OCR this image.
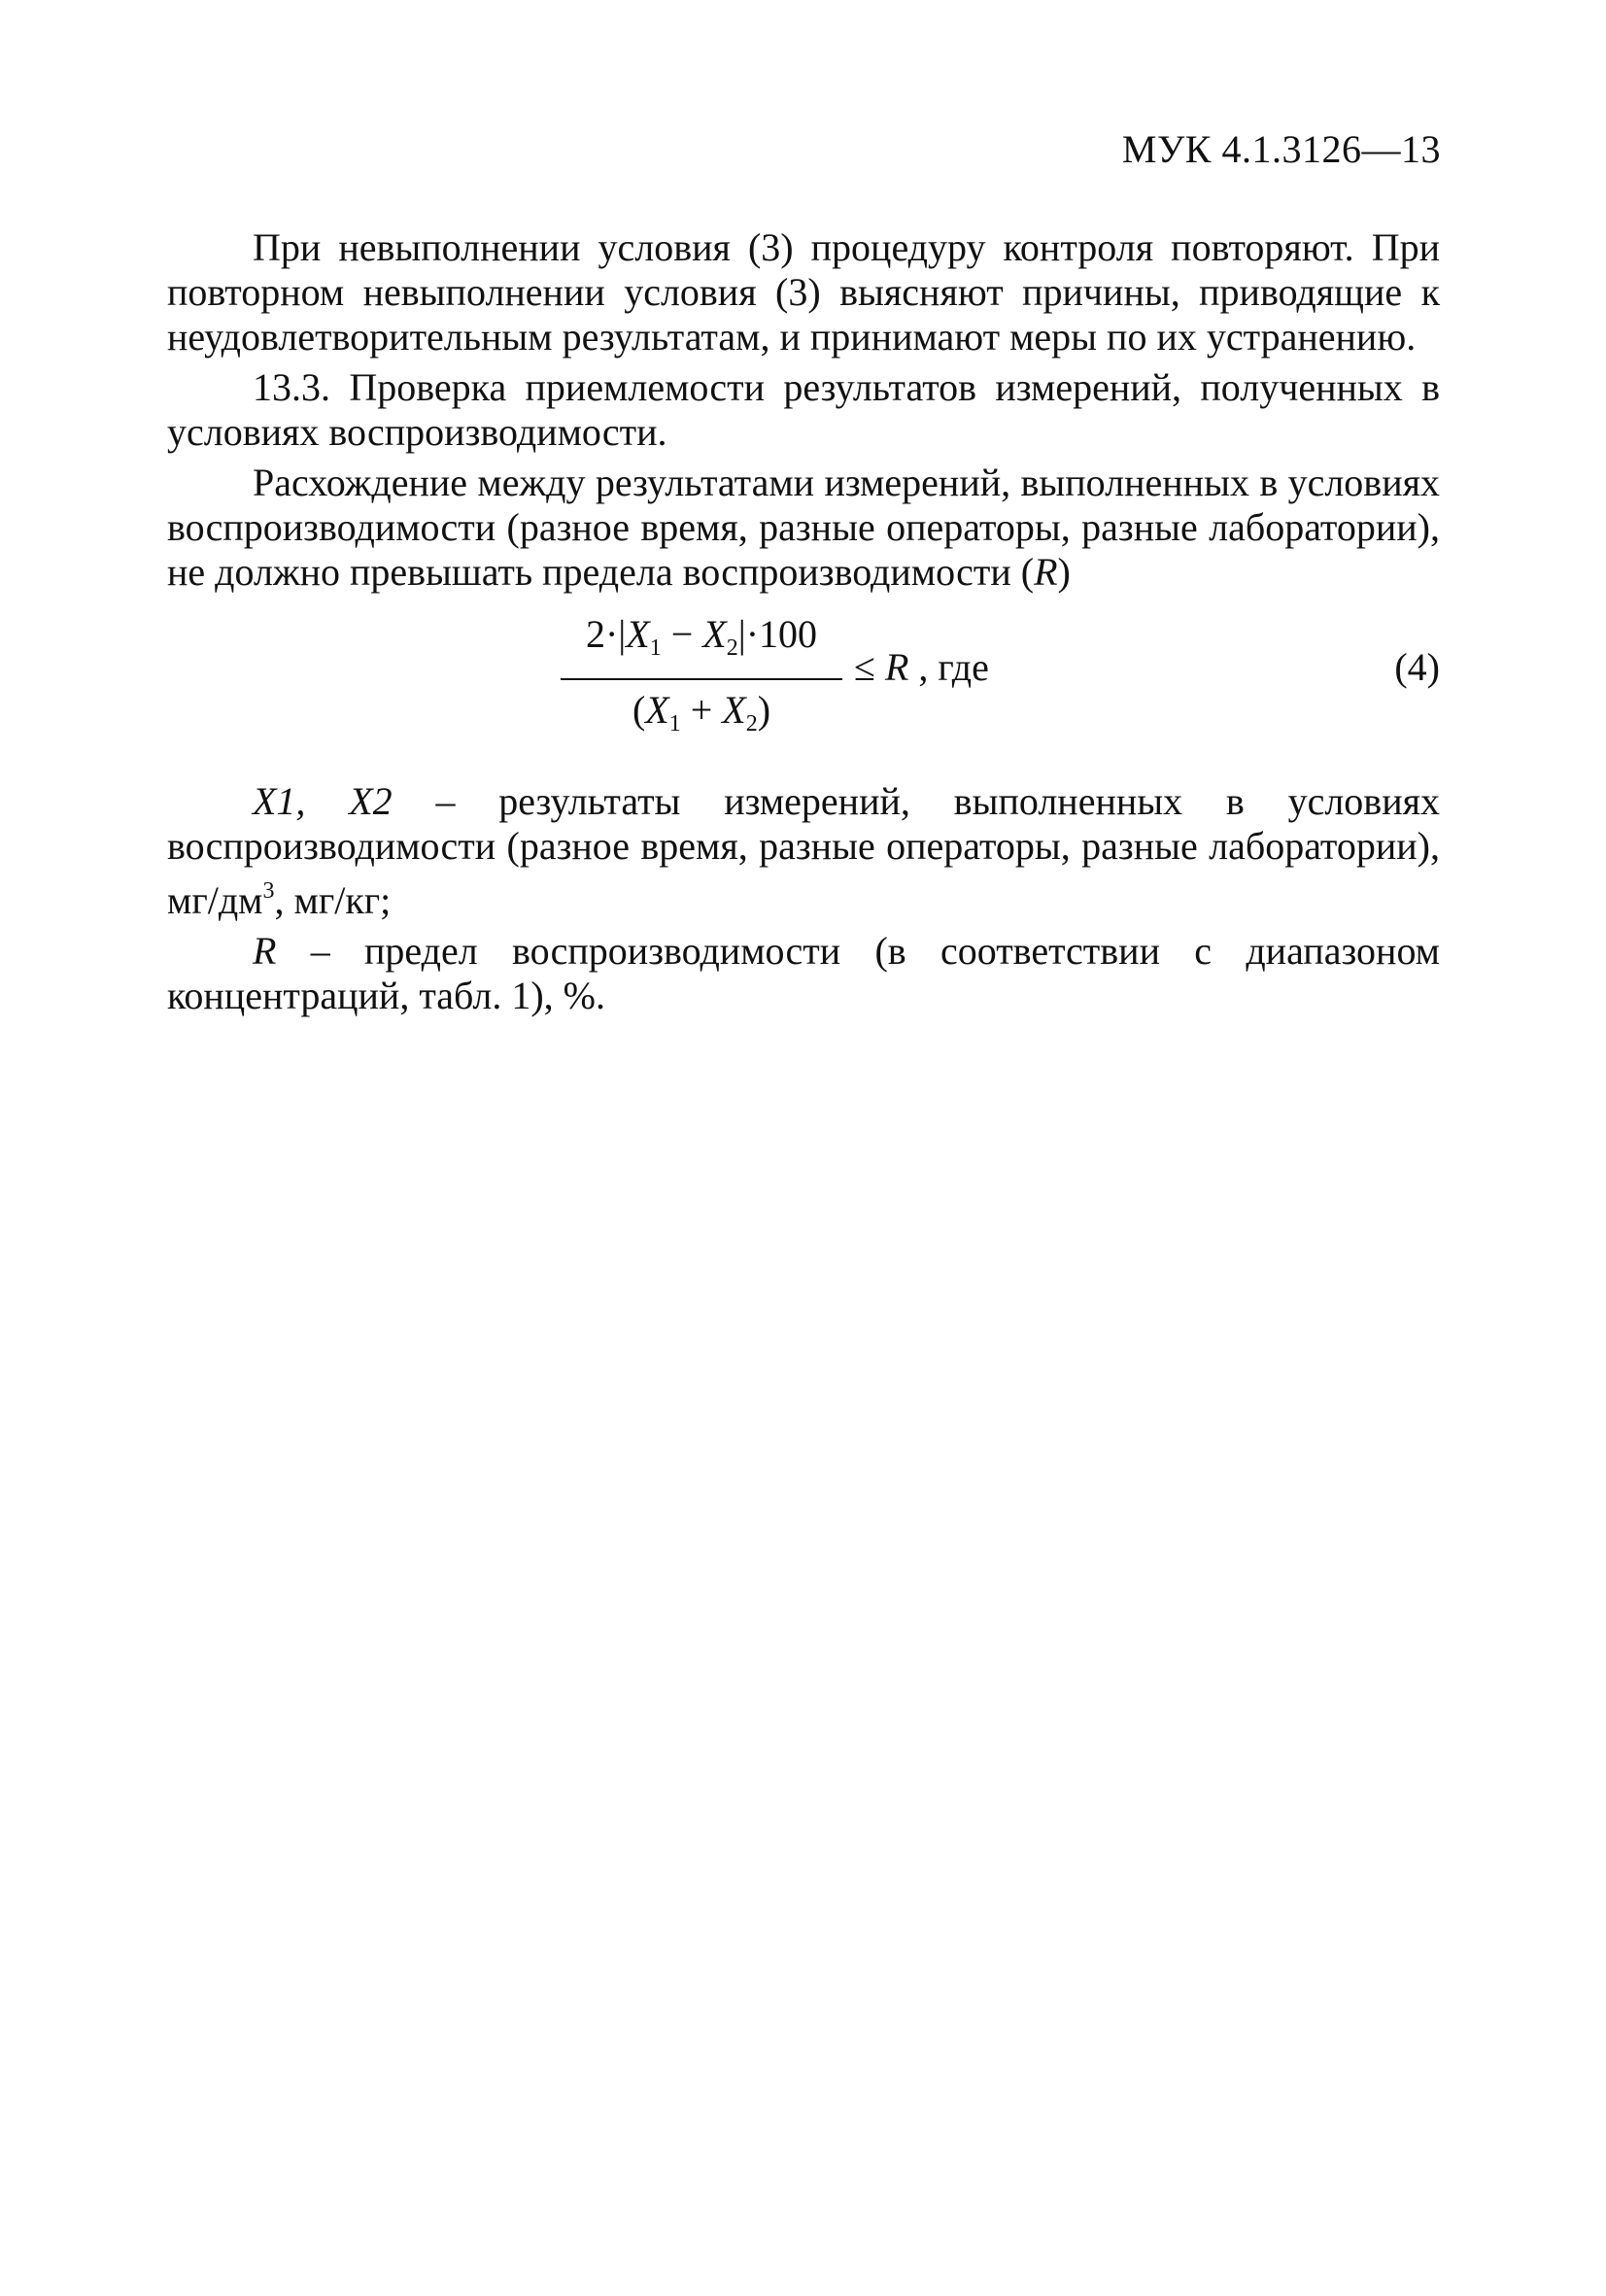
МУК 4.1.3126—13

При невыполнении условия (3) процедуру контроля повторяют. При повторном невыполнении условия (3) выясняют причины, приводящие к неудовлетворительным результатам, и принимают меры по их устранению.

13.3. Проверка приемлемости результатов измерений, полученных в условиях воспроизводимости.

Расхождение между результатами измерений, выполненных в условиях воспроизводимости (разное время, разные операторы, разные лаборатории), не должно превышать предела воспроизводимости (R)

$\frac{2\cdot|X_1 - X_2|\cdot 100}{(X_1 + X_2)} \le R$ , где	(4)

X1, X2 – результаты измерений, выполненных в условиях воспроизводимости (разное время, разные операторы, разные лаборатории), $мг/дм^3$, мг/кг;

R – предел воспроизводимости (в соответствии с диапазоном концентраций, табл. 1), %.
